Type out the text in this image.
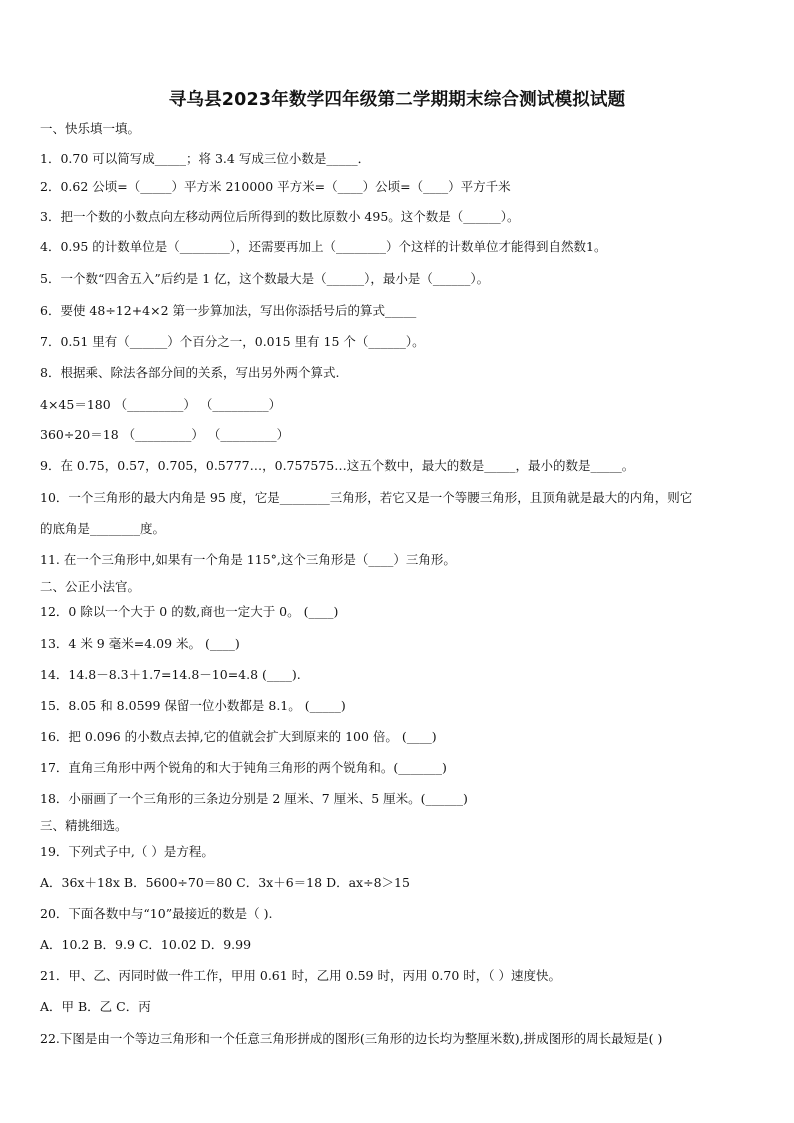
寻乌县2023年数学四年级第二学期期末综合测试模拟试题
一、快乐填一填。
1．0.70 可以简写成_____；将 3.4 写成三位小数是_____．
2．0.62 公顷=（_____）平方米 210000 平方米=（____）公顷=（____）平方千米
3．把一个数的小数点向左移动两位后所得到的数比原数小 495。这个数是（______）。
4．0.95 的计数单位是（________），还需要再加上（________）个这样的计数单位才能得到自然数1。
5．一个数“四舍五入”后约是 1 亿，这个数最大是（______），最小是（______）。
6．要使 48÷12+4×2 第一步算加法，写出你添括号后的算式_____
7．0.51 里有（______）个百分之一，0.015 里有 15 个（______）。
8．根据乘、除法各部分间的关系，写出另外两个算式.
4×45＝180 （_________） （_________）
360÷20＝18 （_________） （_________）
9．在 0.75，0.57，0.705，0.5777…，0.757575…这五个数中，最大的数是_____，最小的数是_____。
10．一个三角形的最大内角是 95 度，它是________三角形，若它又是一个等腰三角形，且顶角就是最大的内角，则它
的底角是________度。
11. 在一个三角形中,如果有一个角是 115°,这个三角形是（____）三角形。
二、公正小法官。
12．0 除以一个大于 0 的数,商也一定大于 0。 (____)
13．4 米 9 毫米=4.09 米。 (____)
14．14.8－8.3＋1.7=14.8－10=4.8 (____).
15．8.05 和 8.0599 保留一位小数都是 8.1。 (_____)
16．把 0.096 的小数点去掉,它的值就会扩大到原来的 100 倍。 (____)
17．直角三角形中两个锐角的和大于钝角三角形的两个锐角和。(_______)
18．小丽画了一个三角形的三条边分别是 2 厘米、7 厘米、5 厘米。(______)
三、精挑细选。
19．下列式子中,（ ）是方程。
A．36x＋18x B．5600÷70＝80 C．3x＋6＝18 D．ax÷8＞15
20．下面各数中与“10”最接近的数是（ ).
A．10.2 B．9.9 C．10.02 D．9.99
21．甲、乙、丙同时做一件工作，甲用 0.61 时，乙用 0.59 时，丙用 0.70 时，（ ）速度快。
A．甲 B．乙 C．丙
22.下图是由一个等边三角形和一个任意三角形拼成的图形(三角形的边长均为整厘米数),拼成图形的周长最短是( )
